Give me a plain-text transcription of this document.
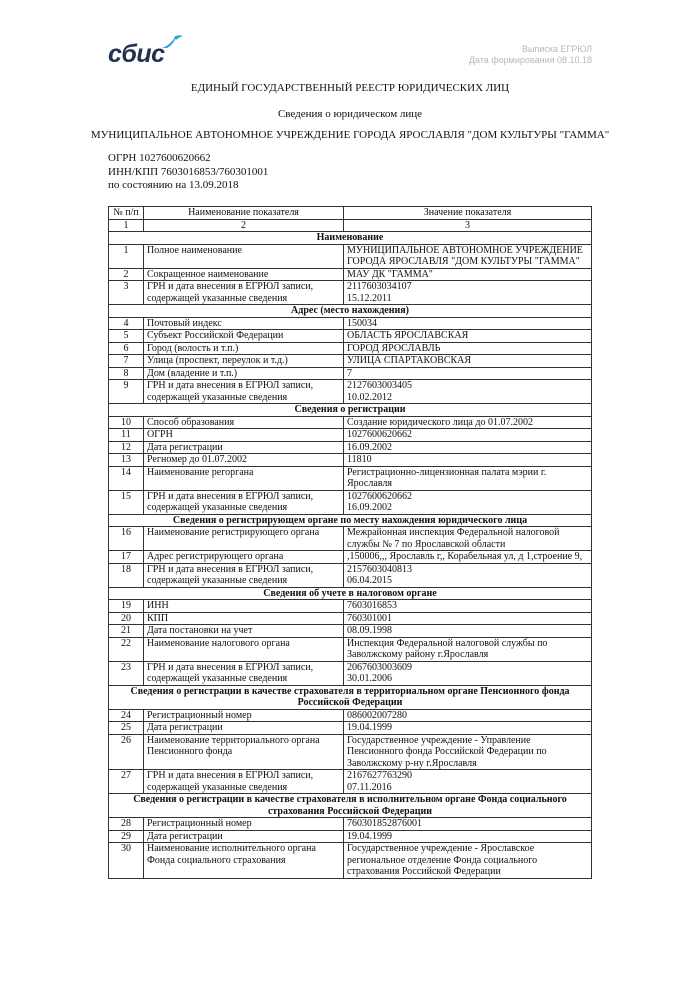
сбис	Выписка ЕГРЮЛ
Дата формирования 08.10.18
ЕДИНЫЙ ГОСУДАРСТВЕННЫЙ РЕЕСТР ЮРИДИЧЕСКИХ ЛИЦ
Сведения о юридическом лице
МУНИЦИПАЛЬНОЕ АВТОНОМНОЕ УЧРЕЖДЕНИЕ ГОРОДА ЯРОСЛАВЛЯ "ДОМ КУЛЬТУРЫ "ГАММА"
ОГРН 1027600620662
ИНН/КПП 7603016853/760301001
по состоянию на 13.09.2018
№ п/п	Наименование показателя	Значение показателя
1	2	3
Наименование		
1	Полное наименование	МУНИЦИПАЛЬНОЕ АВТОНОМНОЕ УЧРЕЖДЕНИЕ ГОРОДА ЯРОСЛАВЛЯ "ДОМ КУЛЬТУРЫ "ГАММА"
2	Сокращенное наименование	МАУ ДК "ГАММА"
3	ГРН и дата внесения в ЕГРЮЛ записи, содержащей указанные сведения	2117603034107
15.12.2011
Адрес (место нахождения)		
4	Почтовый индекс	150034
5	Субъект Российской Федерации	ОБЛАСТЬ ЯРОСЛАВСКАЯ
6	Город (волость и т.п.)	ГОРОД ЯРОСЛАВЛЬ
7	Улица (проспект, переулок и т.д.)	УЛИЦА СПАРТАКОВСКАЯ
8	Дом (владение и т.п.)	7
9	ГРН и дата внесения в ЕГРЮЛ записи, содержащей указанные сведения	2127603003405
10.02.2012
Сведения о регистрации		
10	Способ образования	Создание юридического лица до 01.07.2002
11	ОГРН	1027600620662
12	Дата регистрации	16.09.2002
13	Регномер до 01.07.2002	11810
14	Наименование регоргана	Регистрационно-лицензионная палата мэрии г. Ярославля
15	ГРН и дата внесения в ЕГРЮЛ записи, содержащей указанные сведения	1027600620662
16.09.2002
Сведения о регистрирующем органе по месту нахождения юридического лица		
16	Наименование регистрирующего органа	Межрайонная инспекция Федеральной налоговой службы № 7 по Ярославской области
17	Адрес регистрирующего органа	,150006,,, Ярославль г,, Корабельная ул, д 1,строение 9,
18	ГРН и дата внесения в ЕГРЮЛ записи, содержащей указанные сведения	2157603040813
06.04.2015
Сведения об учете в налоговом органе		
19	ИНН	7603016853
20	КПП	760301001
21	Дата постановки на учет	08.09.1998
22	Наименование налогового органа	Инспекция Федеральной налоговой службы по Заволжскому району г.Ярославля
23	ГРН и дата внесения в ЕГРЮЛ записи, содержащей указанные сведения	2067603003609
30.01.2006
Сведения о регистрации в качестве страхователя в территориальном органе Пенсионного фонда Российской Федерации		
24	Регистрационный номер	086002007280
25	Дата регистрации	19.04.1999
26	Наименование территориального органа Пенсионного фонда	Государственное учреждение - Управление Пенсионного фонда Российской Федерации по Заволжскому р-ну г.Ярославля
27	ГРН и дата внесения в ЕГРЮЛ записи, содержащей указанные сведения	2167627763290
07.11.2016
Сведения о регистрации в качестве страхователя в исполнительном органе Фонда социального страхования Российской Федерации		
28	Регистрационный номер	760301852876001
29	Дата регистрации	19.04.1999
30	Наименование исполнительного органа Фонда социального страхования	Государственное учреждение - Ярославское региональное отделение Фонда социального страхования Российской Федерации
